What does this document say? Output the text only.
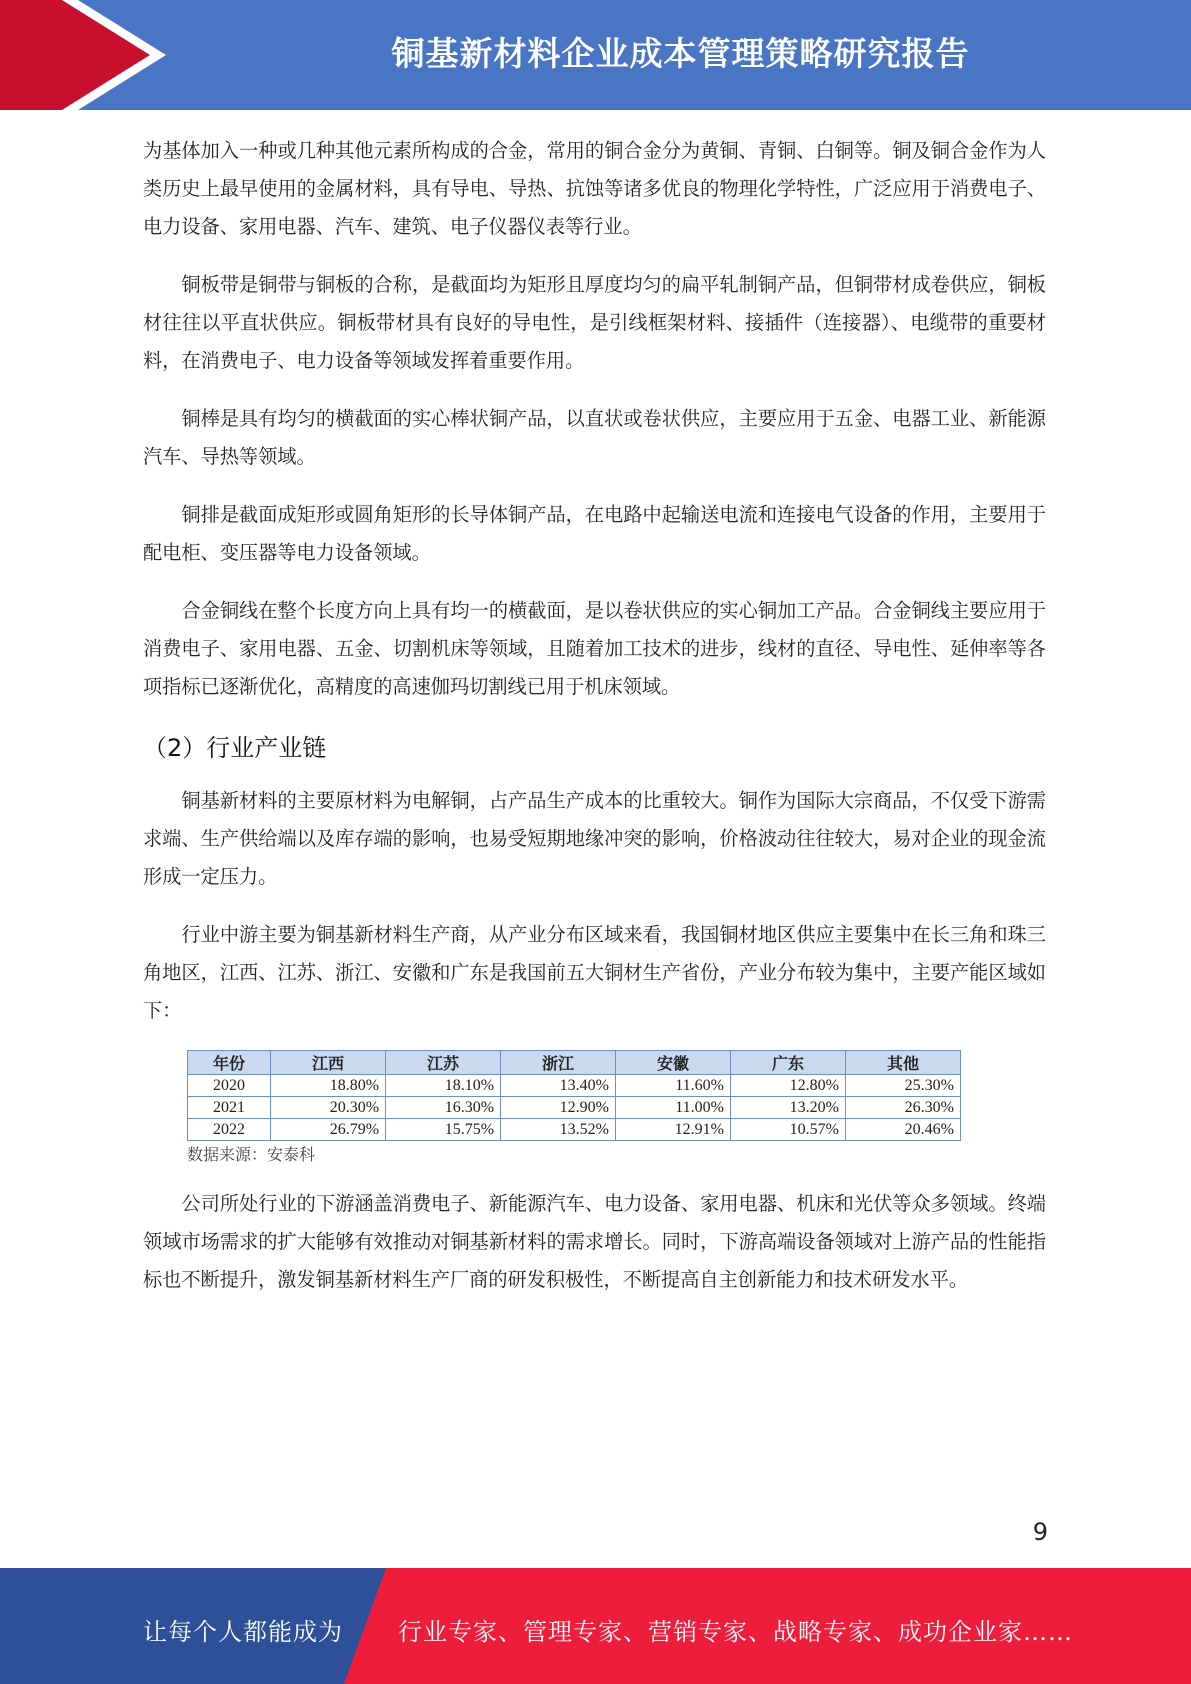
铜基新材料企业成本管理策略研究报告

为基体加入一种或几种其他元素所构成的合金，常用的铜合金分为黄铜、青铜、白铜等。铜及铜合金作为人类历史上最早使用的金属材料，具有导电、导热、抗蚀等诸多优良的物理化学特性，广泛应用于消费电子、电力设备、家用电器、汽车、建筑、电子仪器仪表等行业。

铜板带是铜带与铜板的合称，是截面均为矩形且厚度均匀的扁平轧制铜产品，但铜带材成卷供应，铜板材往往以平直状供应。铜板带材具有良好的导电性，是引线框架材料、接插件（连接器）、电缆带的重要材料，在消费电子、电力设备等领域发挥着重要作用。

铜棒是具有均匀的横截面的实心棒状铜产品，以直状或卷状供应，主要应用于五金、电器工业、新能源汽车、导热等领域。

铜排是截面成矩形或圆角矩形的长导体铜产品，在电路中起输送电流和连接电气设备的作用，主要用于配电柜、变压器等电力设备领域。

合金铜线在整个长度方向上具有均一的横截面，是以卷状供应的实心铜加工产品。合金铜线主要应用于消费电子、家用电器、五金、切割机床等领域，且随着加工技术的进步，线材的直径、导电性、延伸率等各项指标已逐渐优化，高精度的高速伽玛切割线已用于机床领域。

（2）行业产业链

铜基新材料的主要原材料为电解铜，占产品生产成本的比重较大。铜作为国际大宗商品，不仅受下游需求端、生产供给端以及库存端的影响，也易受短期地缘冲突的影响，价格波动往往较大，易对企业的现金流形成一定压力。

行业中游主要为铜基新材料生产商，从产业分布区域来看，我国铜材地区供应主要集中在长三角和珠三角地区，江西、江苏、浙江、安徽和广东是我国前五大铜材生产省份，产业分布较为集中，主要产能区域如下：

年份	江西	江苏	浙江	安徽	广东	其他
2020	18.80%	18.10%	13.40%	11.60%	12.80%	25.30%
2021	20.30%	16.30%	12.90%	11.00%	13.20%	26.30%
2022	26.79%	15.75%	13.52%	12.91%	10.57%	20.46%
数据来源：安泰科

公司所处行业的下游涵盖消费电子、新能源汽车、电力设备、家用电器、机床和光伏等众多领域。终端领域市场需求的扩大能够有效推动对铜基新材料的需求增长。同时，下游高端设备领域对上游产品的性能指标也不断提升，激发铜基新材料生产厂商的研发积极性，不断提高自主创新能力和技术研发水平。

9
让每个人都能成为 行业专家、管理专家、营销专家、战略专家、成功企业家……
